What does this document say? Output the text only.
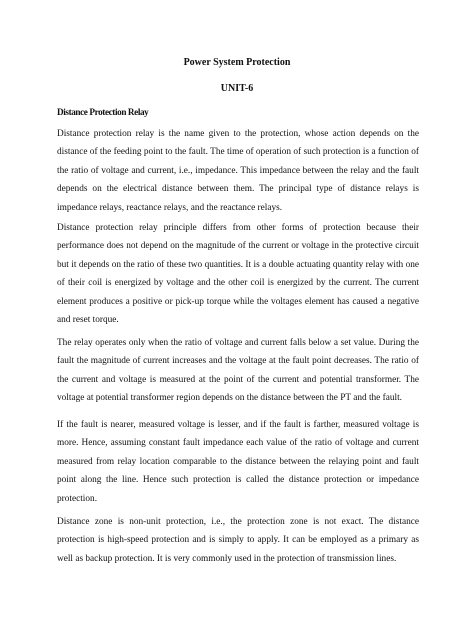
Power System Protection
UNIT-6
Distance Protection Relay

Distance protection relay is the name given to the protection, whose action depends on the distance of the feeding point to the fault. The time of operation of such protection is a function of the ratio of voltage and current, i.e., impedance. This impedance between the relay and the fault depends on the electrical distance between them. The principal type of distance relays is impedance relays, reactance relays, and the reactance relays.

Distance protection relay principle differs from other forms of protection because their performance does not depend on the magnitude of the current or voltage in the protective circuit but it depends on the ratio of these two quantities. It is a double actuating quantity relay with one of their coil is energized by voltage and the other coil is energized by the current. The current element produces a positive or pick-up torque while the voltages element has caused a negative and reset torque.

The relay operates only when the ratio of voltage and current falls below a set value. During the fault the magnitude of current increases and the voltage at the fault point decreases. The ratio of the current and voltage is measured at the point of the current and potential transformer. The voltage at potential transformer region depends on the distance between the PT and the fault.

If the fault is nearer, measured voltage is lesser, and if the fault is farther, measured voltage is more. Hence, assuming constant fault impedance each value of the ratio of voltage and current measured from relay location comparable to the distance between the relaying point and fault point along the line. Hence such protection is called the distance protection or impedance protection.

Distance zone is non-unit protection, i.e., the protection zone is not exact. The distance protection is high-speed protection and is simply to apply. It can be employed as a primary as well as backup protection. It is very commonly used in the protection of transmission lines.
